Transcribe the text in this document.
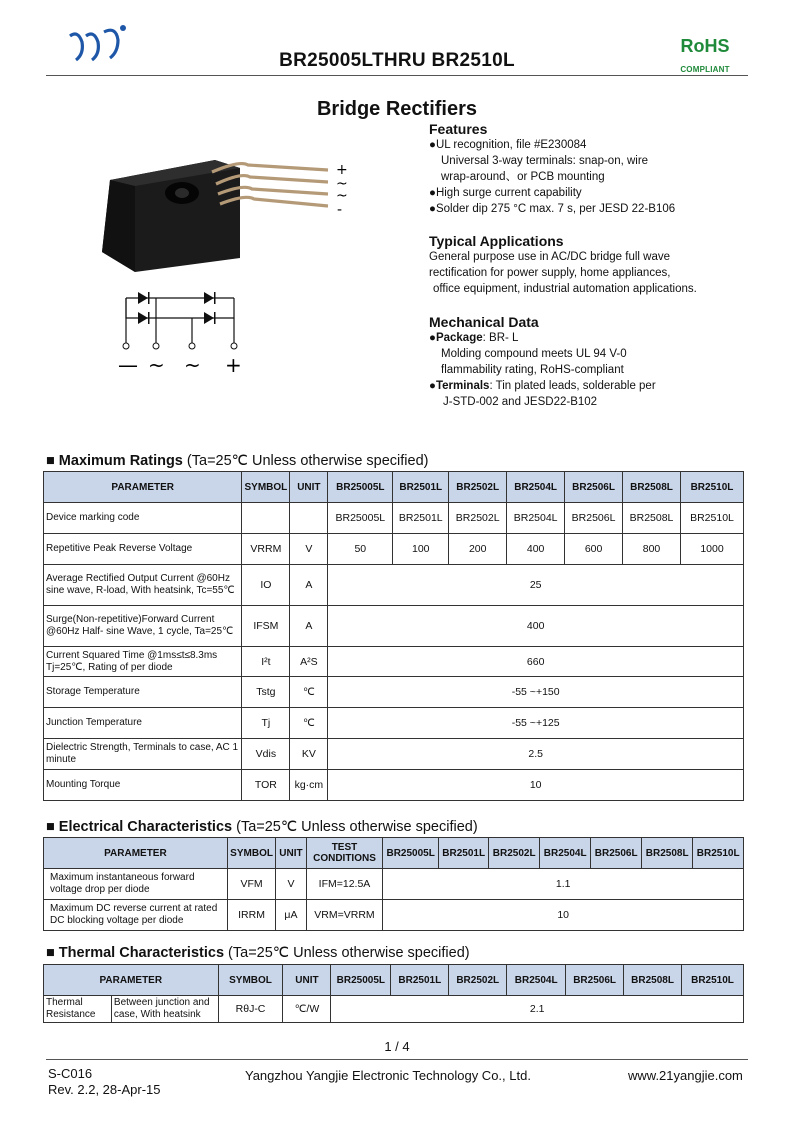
BR25005LTHRU BR2510L
RoHS
COMPLIANT
Bridge Rectifiers
+
~
~
-
— ~ ~ +
Features
●UL recognition, file #E230084
Universal 3-way terminals: snap-on, wire
wrap-around、or PCB mounting
●High surge current capability
●Solder dip 275 °C max. 7 s, per JESD 22-B106
Typical Applications
General purpose use in AC/DC bridge full wave
rectification for power supply, home appliances,
office equipment, industrial automation applications.
Mechanical Data
●Package: BR- L
Molding compound meets UL 94 V-0
flammability rating, RoHS-compliant
●Terminals: Tin plated leads, solderable per
J-STD-002 and JESD22-B102
■ Maximum Ratings (Ta=25℃ Unless otherwise specified)
PARAMETER	SYMBOL	UNIT	BR25005L	BR2501L	BR2502L	BR2504L	BR2506L	BR2508L	BR2510L
Device marking code			BR25005L	BR2501L	BR2502L	BR2504L	BR2506L	BR2508L	BR2510L
Repetitive Peak Reverse Voltage	VRRM	V	50	100	200	400	600	800	1000
Average Rectified Output Current @60Hz sine wave, R-load, With heatsink, Tc=55℃	IO	A	25						
Surge(Non-repetitive)Forward Current @60Hz Half- sine Wave, 1 cycle, Ta=25℃	IFSM	A	400						
Current Squared Time @1ms≤t≤8.3ms Tj=25℃, Rating of per diode	I²t	A²S	660						
Storage Temperature	Tstg	℃	-55 ~+150						
Junction Temperature	Tj	℃	-55 ~+125						
Dielectric Strength, Terminals to case, AC 1 minute	Vdis	KV	2.5						
Mounting Torque	TOR	kg·cm	10						
■ Electrical Characteristics (Ta=25℃ Unless otherwise specified)
PARAMETER	SYMBOL	UNIT	TEST CONDITIONS	BR25005L	BR2501L	BR2502L	BR2504L	BR2506L	BR2508L	BR2510L
Maximum instantaneous forward voltage drop per diode	VFM	V	IFM=12.5A	1.1						
Maximum DC reverse current at rated DC blocking voltage per diode	IRRM	μA	VRM=VRRM	10						
■ Thermal Characteristics (Ta=25℃ Unless otherwise specified)
PARAMETER		SYMBOL	UNIT	BR25005L	BR2501L	BR2502L	BR2504L	BR2506L	BR2508L	BR2510L
Thermal Resistance	Between junction and case, With heatsink	RθJ-C	℃/W	2.1						
1 / 4
S-C016
Rev. 2.2, 28-Apr-15
Yangzhou Yangjie Electronic Technology Co., Ltd.	www.21yangjie.com
